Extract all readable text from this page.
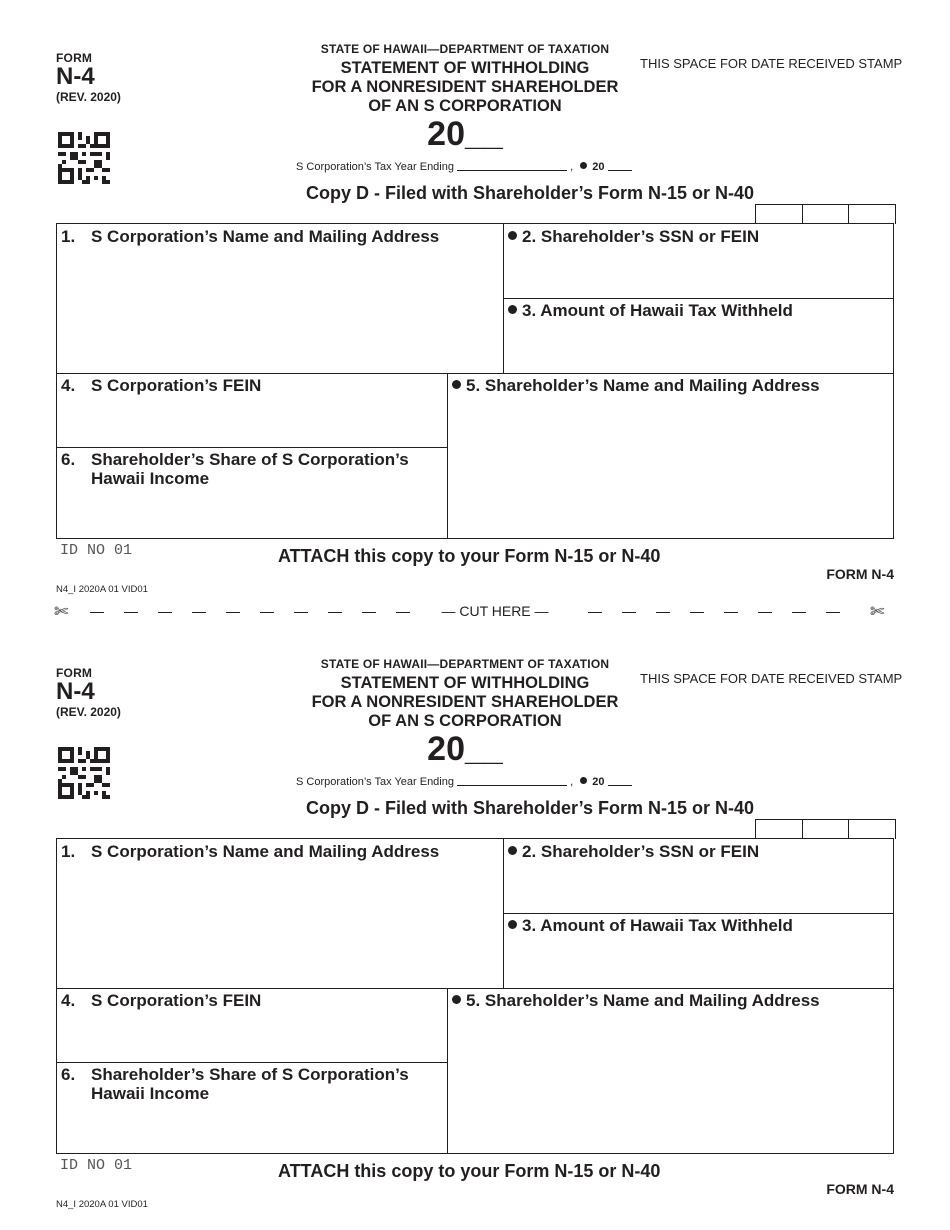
FORM
N-4
(REV. 2020)
STATE OF HAWAII—DEPARTMENT OF TAXATION
STATEMENT OF WITHHOLDING
FOR A NONRESIDENT SHAREHOLDER
OF AN S CORPORATION
20__
THIS SPACE FOR DATE RECEIVED STAMP
S Corporation’s Tax Year Ending	,  20
Copy D - Filed with Shareholder’s Form N-15 or N-40
1. S Corporation’s Name and Mailing Address	2. Shareholder’s SSN or FEIN
3. Amount of Hawaii Tax Withheld
4. S Corporation’s FEIN	5. Shareholder’s Name and Mailing Address
6. Shareholder’s Share of S Corporation’s
Hawaii Income
ID NO 01	ATTACH this copy to your Form N-15 or N-40
FORM N-4
N4_I 2020A 01 VID01
✄	— CUT HERE —	✄
FORM
N-4
(REV. 2020)
STATE OF HAWAII—DEPARTMENT OF TAXATION
STATEMENT OF WITHHOLDING
FOR A NONRESIDENT SHAREHOLDER
OF AN S CORPORATION
20__
THIS SPACE FOR DATE RECEIVED STAMP
S Corporation’s Tax Year Ending	,  20
Copy D - Filed with Shareholder’s Form N-15 or N-40
1. S Corporation’s Name and Mailing Address	2. Shareholder’s SSN or FEIN
3. Amount of Hawaii Tax Withheld
4. S Corporation’s FEIN	5. Shareholder’s Name and Mailing Address
6. Shareholder’s Share of S Corporation’s
Hawaii Income
ID NO 01	ATTACH this copy to your Form N-15 or N-40
FORM N-4
N4_I 2020A 01 VID01
